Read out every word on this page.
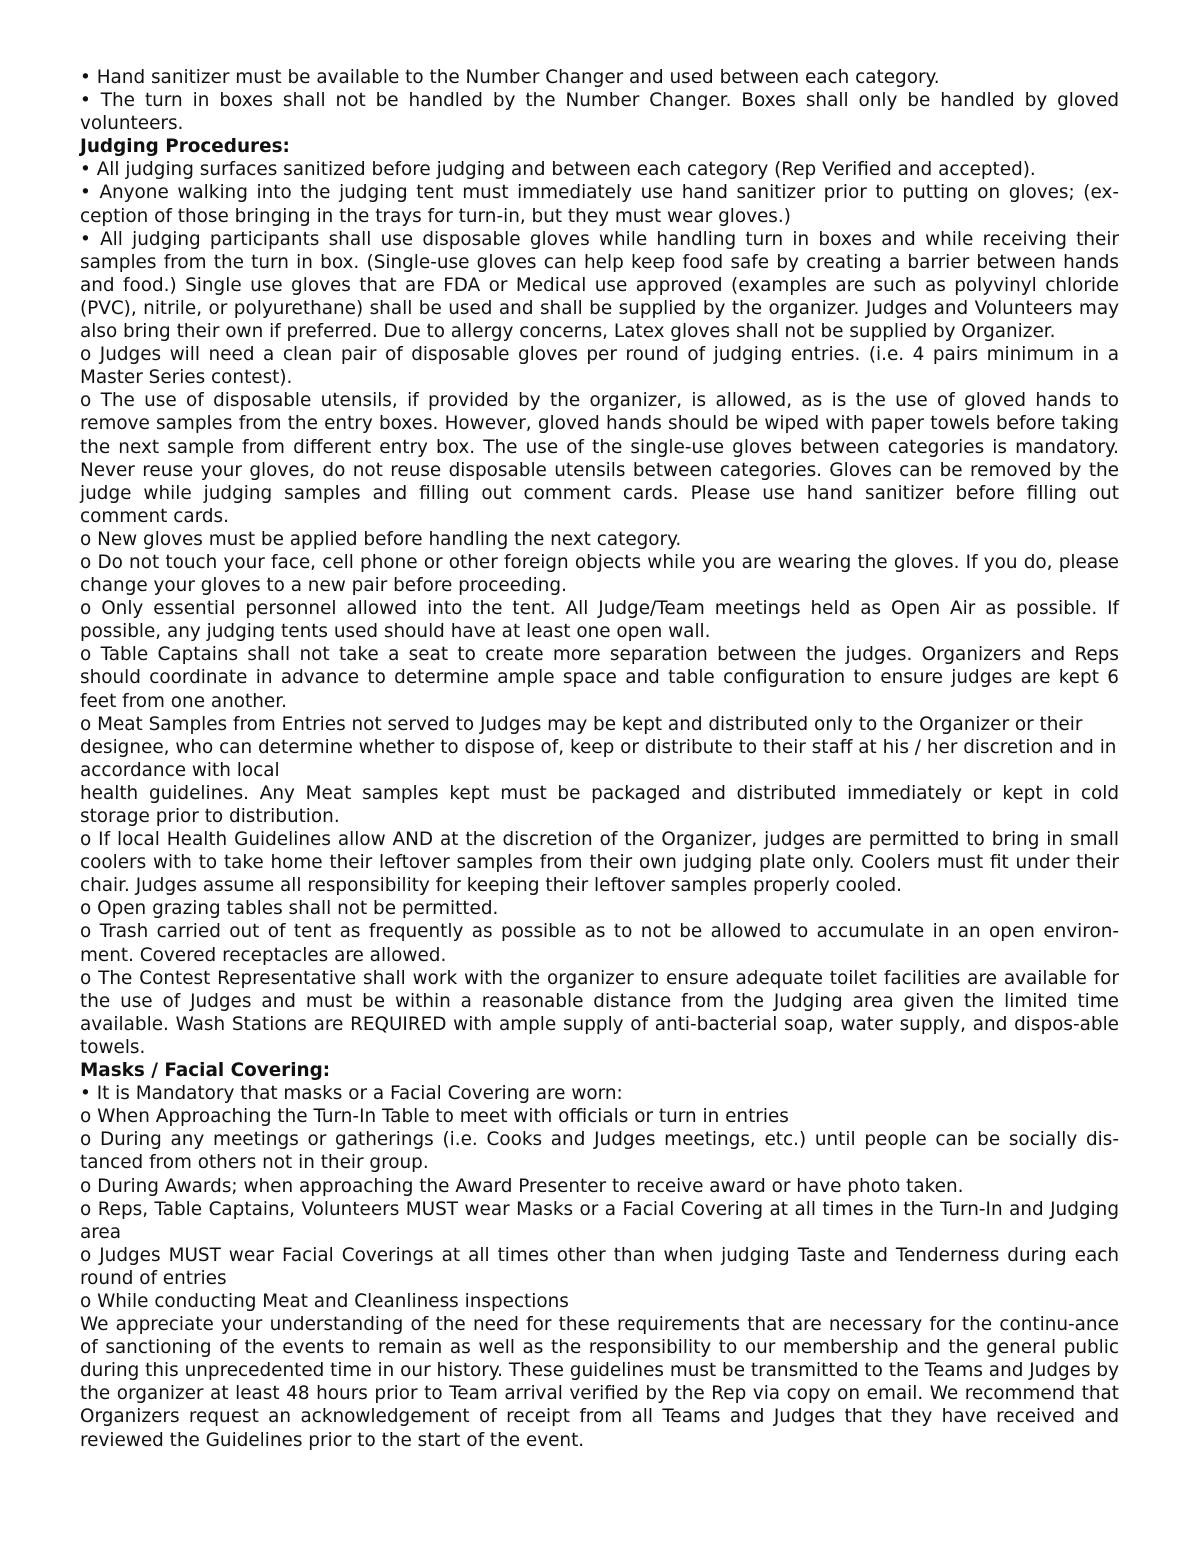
• Hand sanitizer must be available to the Number Changer and used between each category.

• The turn in boxes shall not be handled by the Number Changer. Boxes shall only be handled by gloved volunteers.

Judging Procedures:

• All judging surfaces sanitized before judging and between each category (Rep Verified and accepted).

• Anyone walking into the judging tent must immediately use hand sanitizer prior to putting on gloves; (ex-ception of those bringing in the trays for turn-in, but they must wear gloves.)

• All judging participants shall use disposable gloves while handling turn in boxes and while receiving their samples from the turn in box. (Single-use gloves can help keep food safe by creating a barrier between hands and food.) Single use gloves that are FDA or Medical use approved (examples are such as polyvinyl chloride (PVC), nitrile, or polyurethane) shall be used and shall be supplied by the organizer. Judges and Volunteers may also bring their own if preferred. Due to allergy concerns, Latex gloves shall not be supplied by Organizer.

o Judges will need a clean pair of disposable gloves per round of judging entries. (i.e. 4 pairs minimum in a Master Series contest).

o The use of disposable utensils, if provided by the organizer, is allowed, as is the use of gloved hands to remove samples from the entry boxes. However, gloved hands should be wiped with paper towels before taking the next sample from different entry box. The use of the single-use gloves between categories is mandatory. Never reuse your gloves, do not reuse disposable utensils between categories. Gloves can be removed by the judge while judging samples and filling out comment cards. Please use hand sanitizer before filling out comment cards.

o New gloves must be applied before handling the next category.

o Do not touch your face, cell phone or other foreign objects while you are wearing the gloves. If you do, please change your gloves to a new pair before proceeding.

o Only essential personnel allowed into the tent. All Judge/Team meetings held as Open Air as possible. If possible, any judging tents used should have at least one open wall.

o Table Captains shall not take a seat to create more separation between the judges. Organizers and Reps should coordinate in advance to determine ample space and table configuration to ensure judges are kept 6 feet from one another.

o Meat Samples from Entries not served to Judges may be kept and distributed only to the Organizer or their designee, who can determine whether to dispose of, keep or distribute to their staff at his / her discretion and in accordance with local

health guidelines. Any Meat samples kept must be packaged and distributed immediately or kept in cold storage prior to distribution.

o If local Health Guidelines allow AND at the discretion of the Organizer, judges are permitted to bring in small coolers with to take home their leftover samples from their own judging plate only. Coolers must fit under their chair. Judges assume all responsibility for keeping their leftover samples properly cooled.

o Open grazing tables shall not be permitted.

o Trash carried out of tent as frequently as possible as to not be allowed to accumulate in an open environ-ment. Covered receptacles are allowed.

o The Contest Representative shall work with the organizer to ensure adequate toilet facilities are available for the use of Judges and must be within a reasonable distance from the Judging area given the limited time available. Wash Stations are REQUIRED with ample supply of anti-bacterial soap, water supply, and dispos-able towels.

Masks / Facial Covering:

• It is Mandatory that masks or a Facial Covering are worn:

o When Approaching the Turn-In Table to meet with officials or turn in entries

o During any meetings or gatherings (i.e. Cooks and Judges meetings, etc.) until people can be socially dis-tanced from others not in their group.

o During Awards; when approaching the Award Presenter to receive award or have photo taken.

o Reps, Table Captains, Volunteers MUST wear Masks or a Facial Covering at all times in the Turn-In and Judging area

o Judges MUST wear Facial Coverings at all times other than when judging Taste and Tenderness during each round of entries

o While conducting Meat and Cleanliness inspections

We appreciate your understanding of the need for these requirements that are necessary for the continu-ance of sanctioning of the events to remain as well as the responsibility to our membership and the general public during this unprecedented time in our history. These guidelines must be transmitted to the Teams and Judges by the organizer at least 48 hours prior to Team arrival verified by the Rep via copy on email. We recommend that Organizers request an acknowledgement of receipt from all Teams and Judges that they have received and reviewed the Guidelines prior to the start of the event.
